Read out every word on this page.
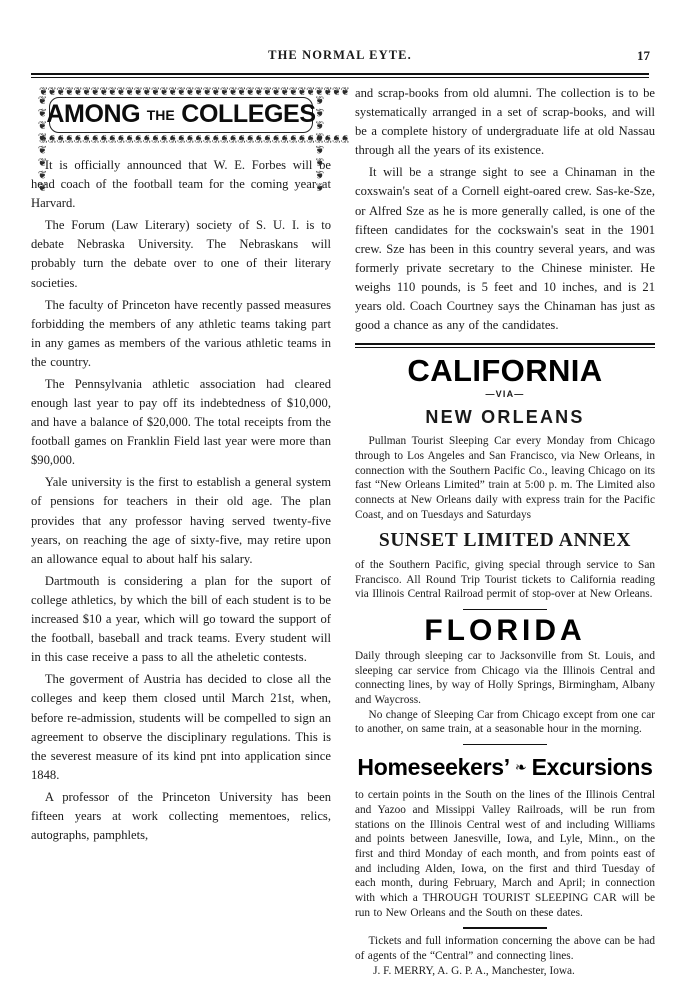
THE NORMAL EYTE.	17
❦❦❦❦❦❦❦❦❦❦❦❦❦❦❦❦❦❦❦❦❦❦❦❦❦❦❦❦❦❦❦❦❦❦❦❦
❦❦❦❦❦❦❦❦❦❦❦❦❦❦❦❦❦❦❦❦❦❦❦❦❦❦❦❦❦❦❦❦❦❦❦❦
❦❦❦❦❦❦❦❦	❦❦❦❦❦❦❦❦
AMONG THE COLLEGES

It is officially announced that W. E. Forbes will be head coach of the football team for the coming year at Harvard.

The Forum (Law Literary) society of S. U. I. is to debate Nebraska University. The Nebraskans will probably turn the debate over to one of their literary societies.

The faculty of Princeton have recently passed measures forbidding the members of any athletic teams taking part in any games as members of the various athletic teams in the country.

The Pennsylvania athletic association had cleared enough last year to pay off its indebtedness of $10,000, and have a balance of $20,000. The total receipts from the football games on Franklin Field last year were more than $90,000.

Yale university is the first to establish a general system of pensions for teachers in their old age. The plan provides that any professor having served twenty-five years, on reaching the age of sixty-five, may retire upon an allowance equal to about half his salary.

Dartmouth is considering a plan for the suport of college athletics, by which the bill of each student is to be increased $10 a year, which will go toward the support of the football, baseball and track teams. Every student will in this case receive a pass to all the atheletic contests.

The goverment of Austria has decided to close all the colleges and keep them closed until March 21st, when, before re-admission, students will be compelled to sign an agreement to observe the disciplinary regulations. This is the severest measure of its kind pnt into application since 1848.

A professor of the Princeton University has been fifteen years at work collecting mementoes, relics, autographs, pamphlets,

and scrap-books from old alumni. The collection is to be systematically arranged in a set of scrap-books, and will be a complete history of undergraduate life at old Nassau through all the years of its existence.

It will be a strange sight to see a Chinaman in the coxswain's seat of a Cornell eight-oared crew. Sas-ke-Sze, or Alfred Sze as he is more generally called, is one of the fifteen candidates for the cockswain's seat in the 1901 crew. Sze has been in this country several years, and was formerly private secretary to the Chinese minister. He weighs 110 pounds, is 5 feet and 10 inches, and is 21 years old. Coach Courtney says the Chinaman has just as good a chance as any of the candidates.

CALIFORNIA
—VIA—
NEW ORLEANS

Pullman Tourist Sleeping Car every Monday from Chicago through to Los Angeles and San Francisco, via New Orleans, in connection with the Southern Pacific Co., leaving Chicago on its fast “New Orleans Limited” train at 5:00 p. m. The Limited also connects at New Orleans daily with express train for the Pacific Coast, and on Tuesdays and Saturdays

SUNSET LIMITED ANNEX

of the Southern Pacific, giving special through service to San Francisco. All Round Trip Tourist tickets to California reading via Illinois Central Railroad permit of stop-over at New Orleans.

FLORIDA

Daily through sleeping car to Jacksonville from St. Louis, and sleeping car service from Chicago via the Illinois Central and connecting lines, by way of Holly Springs, Birmingham, Albany and Waycross.

No change of Sleeping Car from Chicago except from one car to another, on same train, at a seasonable hour in the morning.

Homeseekers’ ❧ Excursions

to certain points in the South on the lines of the Illinois Central and Yazoo and Missippi Valley Railroads, will be run from stations on the Illinois Central west of and including Williams and points between Janesville, Iowa, and Lyle, Minn., on the first and third Monday of each month, and from points east of and including Alden, Iowa, on the first and third Tuesday of each month, during February, March and April; in connection with which a THROUGH TOURIST SLEEPING CAR will be run to New Orleans and the South on these dates.

Tickets and full information concerning the above can be had of agents of the “Central” and connecting lines.

J. F. MERRY, A. G. P. A., Manchester, Iowa.
